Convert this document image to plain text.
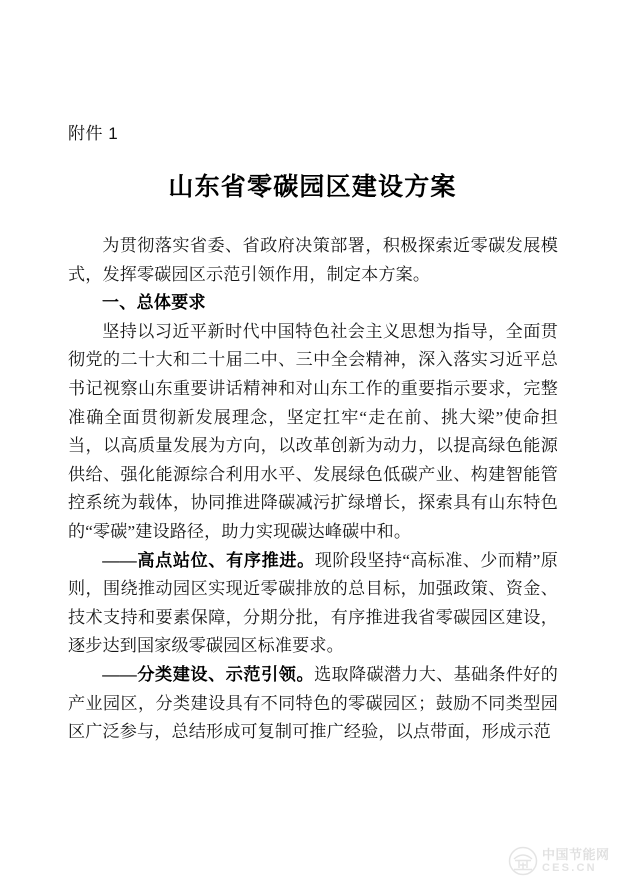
附件 1
山东省零碳园区建设方案

为贯彻落实省委、省政府决策部署，积极探索近零碳发展模式，发挥零碳园区示范引领作用，制定本方案。

一、总体要求

坚持以习近平新时代中国特色社会主义思想为指导，全面贯彻党的二十大和二十届二中、三中全会精神，深入落实习近平总书记视察山东重要讲话精神和对山东工作的重要指示要求，完整准确全面贯彻新发展理念，坚定扛牢“走在前、挑大梁”使命担当，以高质量发展为方向，以改革创新为动力，以提高绿色能源供给、强化能源综合利用水平、发展绿色低碳产业、构建智能管控系统为载体，协同推进降碳减污扩绿增长，探索具有山东特色的“零碳”建设路径，助力实现碳达峰碳中和。

——高点站位、有序推进。现阶段坚持“高标准、少而精”原则，围绕推动园区实现近零碳排放的总目标，加强政策、资金、技术支持和要素保障，分期分批，有序推进我省零碳园区建设，逐步达到国家级零碳园区标准要求。

——分类建设、示范引领。选取降碳潜力大、基础条件好的产业园区，分类建设具有不同特色的零碳园区；鼓励不同类型园区广泛参与，总结形成可复制可推广经验，以点带面，形成示范

中国节能网
CES.CN
